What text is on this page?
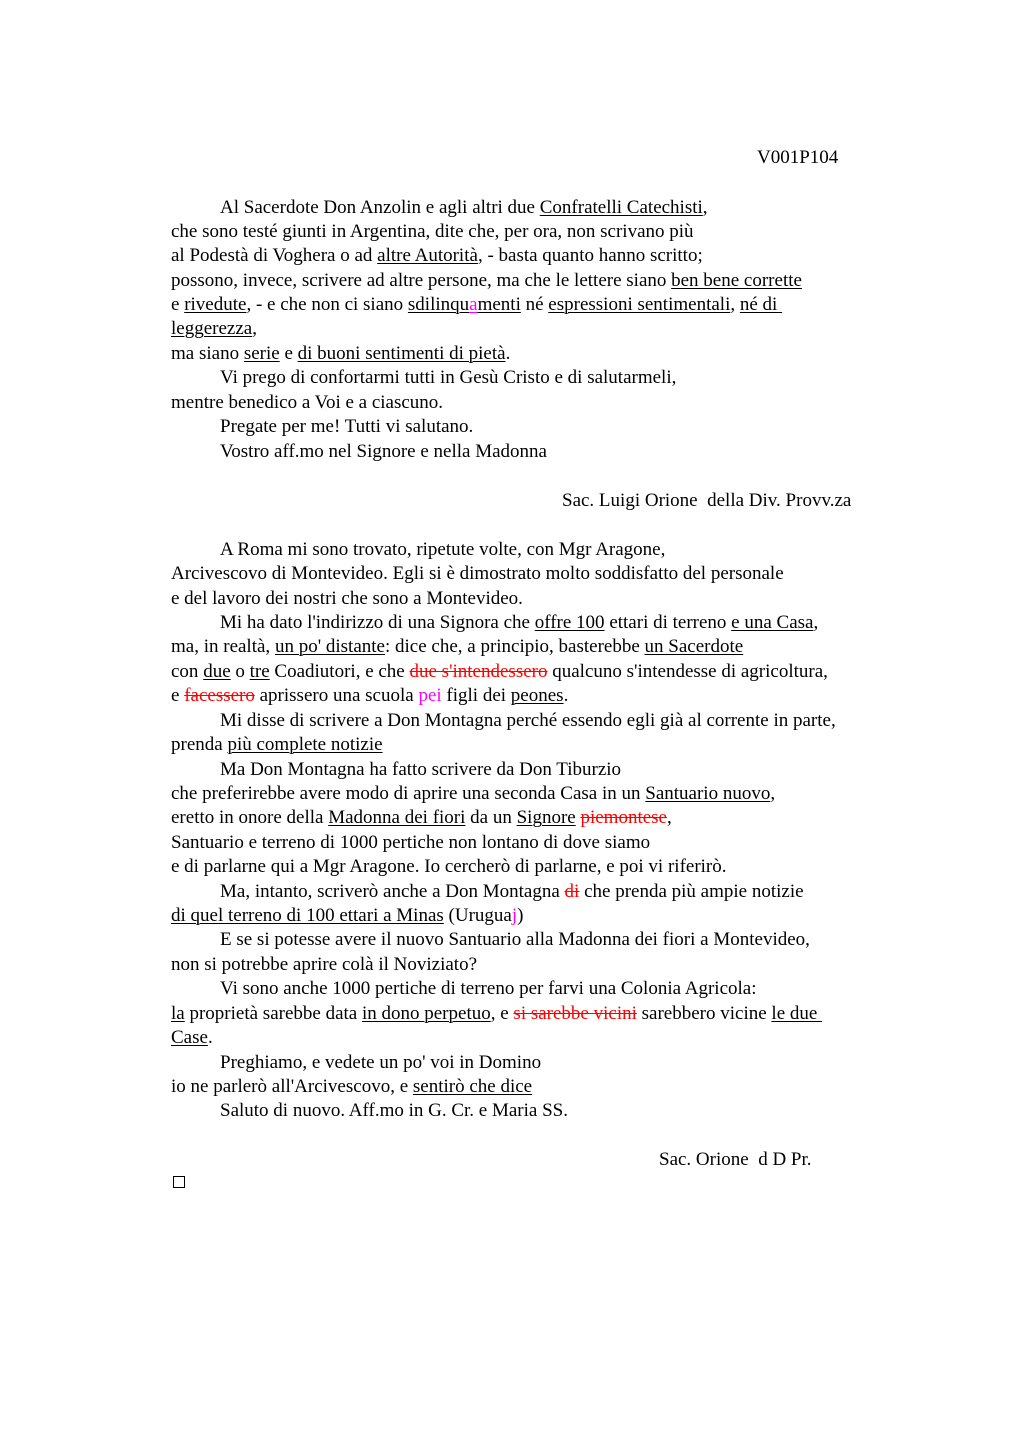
V001P104
Al Sacerdote Don Anzolin e agli altri due Confratelli Catechisti,
che sono testé giunti in Argentina, dite che, per ora, non scrivano più
al Podestà di Voghera o ad altre Autorità, - basta quanto hanno scritto;
possono, invece, scrivere ad altre persone, ma che le lettere siano ben bene corrette
e rivedute, - e che non ci siano sdilinquamenti né espressioni sentimentali, né di
leggerezza,
ma siano serie e di buoni sentimenti di pietà.
Vi prego di confortarmi tutti in Gesù Cristo e di salutarmeli,
mentre benedico a Voi e a ciascuno.
Pregate per me! Tutti vi salutano.
Vostro aff.mo nel Signore e nella Madonna
Sac. Luigi Orione  della Div. Provv.za
A Roma mi sono trovato, ripetute volte, con Mgr Aragone,
Arcivescovo di Montevideo. Egli si è dimostrato molto soddisfatto del personale
e del lavoro dei nostri che sono a Montevideo.
Mi ha dato l'indirizzo di una Signora che offre 100 ettari di terreno e una Casa,
ma, in realtà, un po' distante: dice che, a principio, basterebbe un Sacerdote
con due o tre Coadiutori, e che due s'intendessero qualcuno s'intendesse di agricoltura,
e facessero aprissero una scuola pei figli dei peones.
Mi disse di scrivere a Don Montagna perché essendo egli già al corrente in parte,
prenda più complete notizie
Ma Don Montagna ha fatto scrivere da Don Tiburzio
che preferirebbe avere modo di aprire una seconda Casa in un Santuario nuovo,
eretto in onore della Madonna dei fiori da un Signore piemontese,
Santuario e terreno di 1000 pertiche non lontano di dove siamo
e di parlarne qui a Mgr Aragone. Io cercherò di parlarne, e poi vi riferirò.
Ma, intanto, scriverò anche a Don Montagna di che prenda più ampie notizie
di quel terreno di 100 ettari a Minas (Uruguaj)
E se si potesse avere il nuovo Santuario alla Madonna dei fiori a Montevideo,
non si potrebbe aprire colà il Noviziato?
Vi sono anche 1000 pertiche di terreno per farvi una Colonia Agricola:
la proprietà sarebbe data in dono perpetuo, e si sarebbe vicini sarebbero vicine le due
Case.
Preghiamo, e vedete un po' voi in Domino
io ne parlerò all'Arcivescovo, e sentirò che dice
Saluto di nuovo. Aff.mo in G. Cr. e Maria SS.
Sac. Orione  d D Pr.
